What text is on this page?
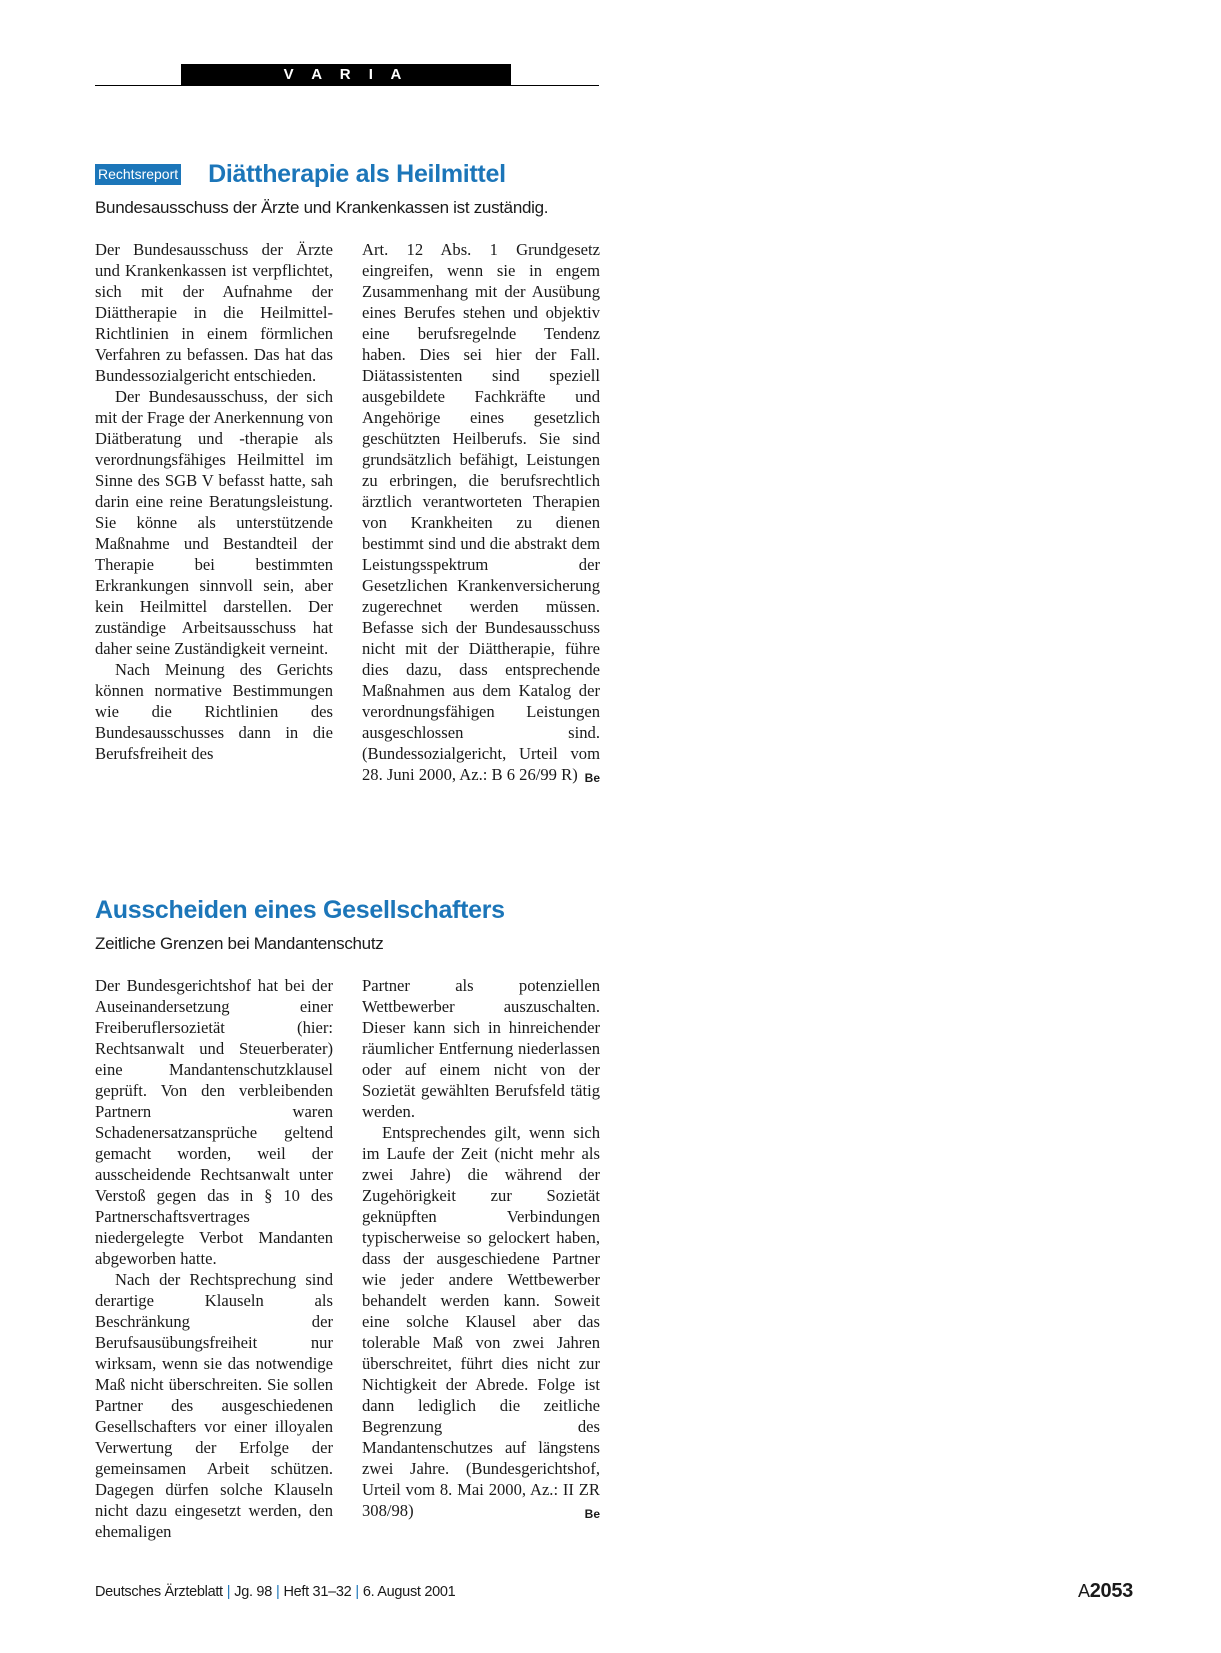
V A R I A
Rechtsreport Diättherapie als Heilmittel
Bundesausschuss der Ärzte und Krankenkassen ist zuständig.

Der Bundesausschuss der Ärzte und Krankenkassen ist verpflichtet, sich mit der Aufnahme der Diättherapie in die Heilmittel-Richtlinien in einem förmlichen Verfahren zu befassen. Das hat das Bundessozialgericht entschieden.

Der Bundesausschuss, der sich mit der Frage der Anerkennung von Diätberatung und -therapie als verordnungsfähiges Heilmittel im Sinne des SGB V befasst hatte, sah darin eine reine Beratungsleistung. Sie könne als unterstützende Maßnahme und Bestandteil der Therapie bei bestimmten Erkrankungen sinnvoll sein, aber kein Heilmittel darstellen. Der zuständige Arbeitsausschuss hat daher seine Zuständigkeit verneint.

Nach Meinung des Gerichts können normative Bestimmungen wie die Richtlinien des Bundesausschusses dann in die Berufsfreiheit des

Art. 12 Abs. 1 Grundgesetz eingreifen, wenn sie in engem Zusammenhang mit der Ausübung eines Berufes stehen und objektiv eine berufsregelnde Tendenz haben. Dies sei hier der Fall. Diätassistenten sind speziell ausgebildete Fachkräfte und Angehörige eines gesetzlich geschützten Heilberufs. Sie sind grundsätzlich befähigt, Leistungen zu erbringen, die berufsrechtlich ärztlich verantworteten Therapien von Krankheiten zu dienen bestimmt sind und die abstrakt dem Leistungsspektrum der Gesetzlichen Krankenversicherung zugerechnet werden müssen. Befasse sich der Bundesausschuss nicht mit der Diättherapie, führe dies dazu, dass entsprechende Maßnahmen aus dem Katalog der verordnungsfähigen Leistungen ausgeschlossen sind. (Bundessozialgericht, Urteil vom 28. Juni 2000, Az.: B 6 26/99 R) Be

Ausscheiden eines Gesellschafters
Zeitliche Grenzen bei Mandantenschutz

Der Bundesgerichtshof hat bei der Auseinandersetzung einer Freiberuflersozietät (hier: Rechtsanwalt und Steuerberater) eine Mandantenschutzklausel geprüft. Von den verbleibenden Partnern waren Schadenersatzansprüche geltend gemacht worden, weil der ausscheidende Rechtsanwalt unter Verstoß gegen das in § 10 des Partnerschaftsvertrages niedergelegte Verbot Mandanten abgeworben hatte.

Nach der Rechtsprechung sind derartige Klauseln als Beschränkung der Berufsausübungsfreiheit nur wirksam, wenn sie das notwendige Maß nicht überschreiten. Sie sollen Partner des ausgeschiedenen Gesellschafters vor einer illoyalen Verwertung der Erfolge der gemeinsamen Arbeit schützen. Dagegen dürfen solche Klauseln nicht dazu eingesetzt werden, den ehemaligen

Partner als potenziellen Wettbewerber auszuschalten. Dieser kann sich in hinreichender räumlicher Entfernung niederlassen oder auf einem nicht von der Sozietät gewählten Berufsfeld tätig werden.

Entsprechendes gilt, wenn sich im Laufe der Zeit (nicht mehr als zwei Jahre) die während der Zugehörigkeit zur Sozietät geknüpften Verbindungen typischerweise so gelockert haben, dass der ausgeschiedene Partner wie jeder andere Wettbewerber behandelt werden kann. Soweit eine solche Klausel aber das tolerable Maß von zwei Jahren überschreitet, führt dies nicht zur Nichtigkeit der Abrede. Folge ist dann lediglich die zeitliche Begrenzung des Mandantenschutzes auf längstens zwei Jahre. (Bundesgerichtshof, Urteil vom 8. Mai 2000, Az.: II ZR 308/98)	Be

Deutsches Ärzteblatt | Jg. 98 | Heft 31–32 | 6. August 2001	A2053
